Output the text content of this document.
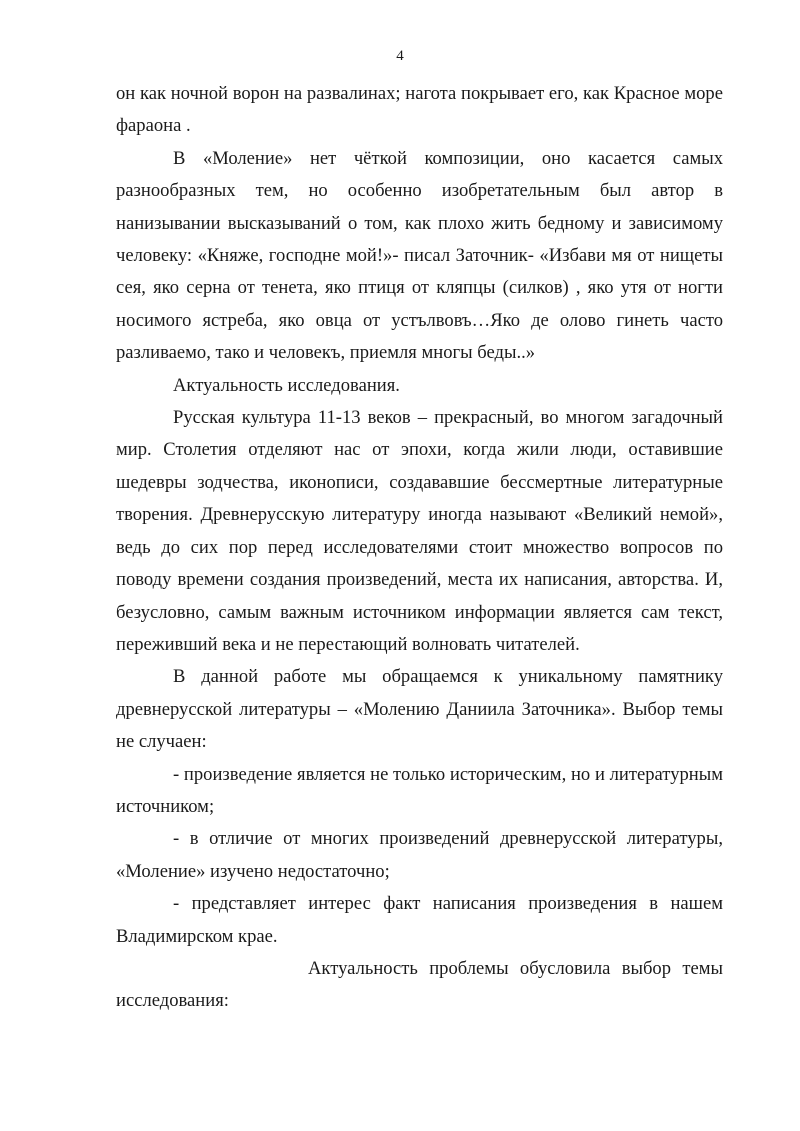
4

он как ночной ворон на развалинах; нагота покрывает его, как Красное море фараона .

В «Моление» нет чёткой композиции, оно касается самых разнообразных тем, но особенно изобретательным был автор в нанизывании высказываний о том, как плохо жить бедному и зависимому человеку: «Княже, господне мой!»- писал Заточник- «Избави мя от нищеты сея, яко серна от тенета, яко птиця от кляпцы (силков) , яко утя от ногти носимого ястреба, яко овца от устълвовъ…Яко де олово гинеть часто разливаемо, тако и человекъ, приемля многы беды..»

Актуальность исследования.

Русская культура 11-13 веков – прекрасный, во многом загадочный мир. Столетия отделяют нас от эпохи, когда жили люди, оставившие шедевры зодчества, иконописи, создававшие бессмертные литературные творения. Древнерусскую литературу иногда называют «Великий немой», ведь до сих пор перед исследователями стоит множество вопросов по поводу времени создания произведений, места их написания, авторства. И, безусловно, самым важным источником информации является сам текст, переживший века и не перестающий волновать читателей.

В данной работе мы обращаемся к уникальному памятнику древнерусской литературы – «Молению Даниила Заточника». Выбор темы не случаен:

- произведение является не только историческим, но и литературным источником;

- в отличие от многих произведений древнерусской литературы, «Моление» изучено недостаточно;

- представляет интерес факт написания произведения в нашем Владимирском крае.

Актуальность проблемы обусловила выбор темы исследования:
